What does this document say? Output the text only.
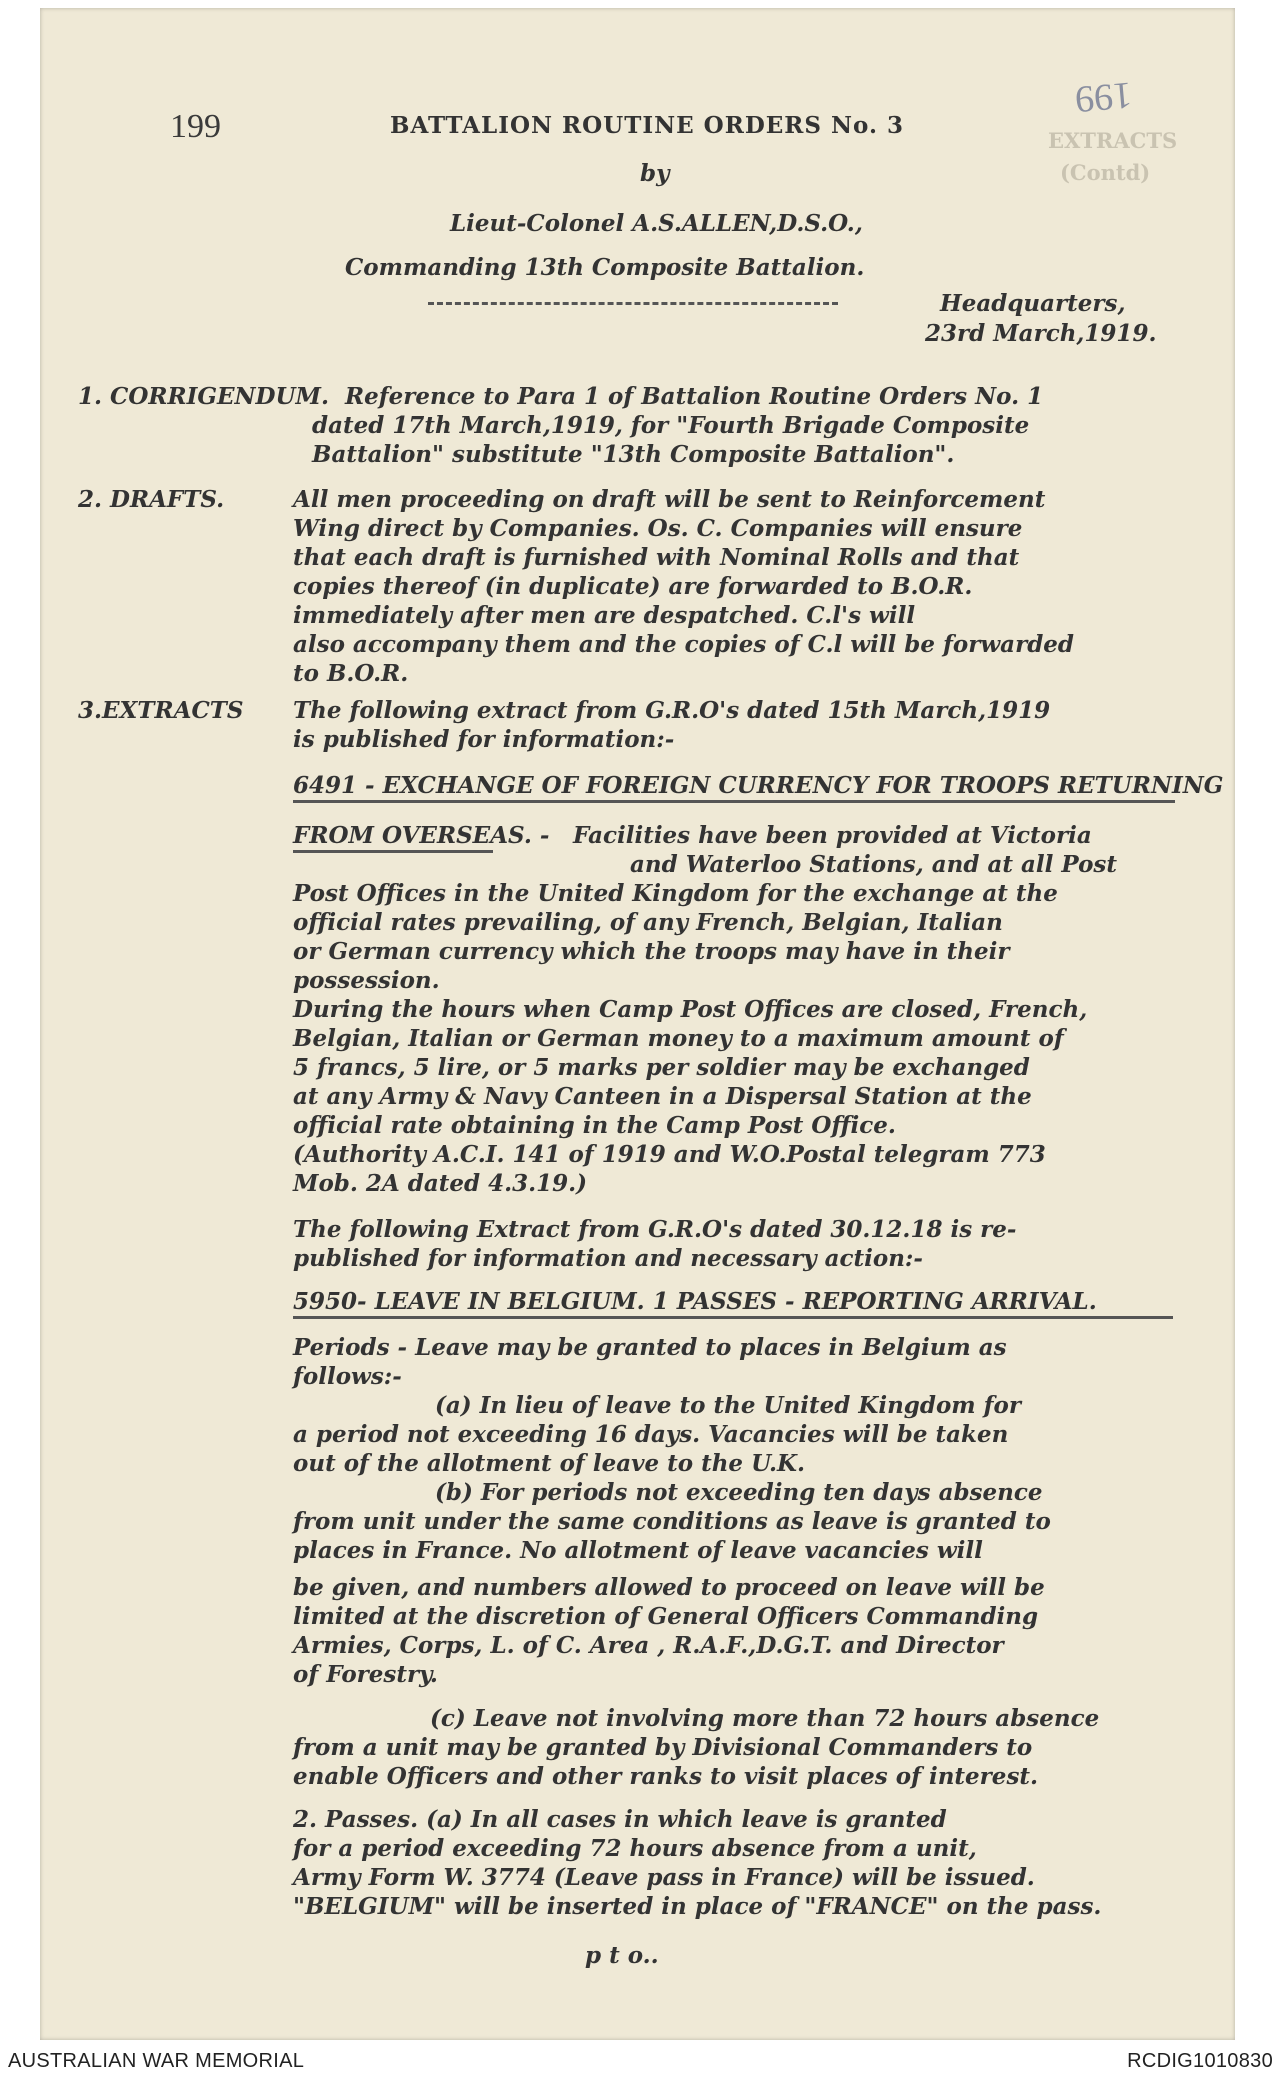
199
199
EXTRACTS
(Contd)
BATTALION ROUTINE ORDERS No. 3
by
Lieut-Colonel A.S.ALLEN,D.S.O.,
Commanding 13th Composite Battalion.
Headquarters,
23rd March,1919.
1. CORRIGENDUM. Reference to Para 1 of Battalion Routine Orders No. 1
dated 17th March,1919, for "Fourth Brigade Composite
Battalion" substitute "13th Composite Battalion".
2. DRAFTS.	All men proceeding on draft will be sent to Reinforcement
Wing direct by Companies. Os. C. Companies will ensure
that each draft is furnished with Nominal Rolls and that
copies thereof (in duplicate) are forwarded to B.O.R.
immediately after men are despatched. C.l's will
also accompany them and the copies of C.l will be forwarded
to B.O.R.
3.EXTRACTS The following extract from G.R.O's dated 15th March,1919
is published for information:-
6491 - EXCHANGE OF FOREIGN CURRENCY FOR TROOPS RETURNING
FROM OVERSEAS. - Facilities have been provided at Victoria
and Waterloo Stations, and at all Post
Post Offices in the United Kingdom for the exchange at the
official rates prevailing, of any French, Belgian, Italian
or German currency which the troops may have in their
possession.
During the hours when Camp Post Offices are closed, French,
Belgian, Italian or German money to a maximum amount of
5 francs, 5 lire, or 5 marks per soldier may be exchanged
at any Army & Navy Canteen in a Dispersal Station at the
official rate obtaining in the Camp Post Office.
(Authority A.C.I. 141 of 1919 and W.O.Postal telegram 773
Mob. 2A dated 4.3.19.)
The following Extract from G.R.O's dated 30.12.18 is re-
published for information and necessary action:-
5950- LEAVE IN BELGIUM. 1 PASSES - REPORTING ARRIVAL.
Periods - Leave may be granted to places in Belgium as
follows:-
(a) In lieu of leave to the United Kingdom for
a period not exceeding 16 days. Vacancies will be taken
out of the allotment of leave to the U.K.
(b) For periods not exceeding ten days absence
from unit under the same conditions as leave is granted to
places in France. No allotment of leave vacancies will
be given, and numbers allowed to proceed on leave will be
limited at the discretion of General Officers Commanding
Armies, Corps, L. of C. Area , R.A.F.,D.G.T. and Director
of Forestry.
(c) Leave not involving more than 72 hours absence
from a unit may be granted by Divisional Commanders to
enable Officers and other ranks to visit places of interest.
2. Passes. (a) In all cases in which leave is granted
for a period exceeding 72 hours absence from a unit,
Army Form W. 3774 (Leave pass in France) will be issued.
"BELGIUM" will be inserted in place of "FRANCE" on the pass.
p t o..
AUSTRALIAN WAR MEMORIAL	RCDIG1010830
